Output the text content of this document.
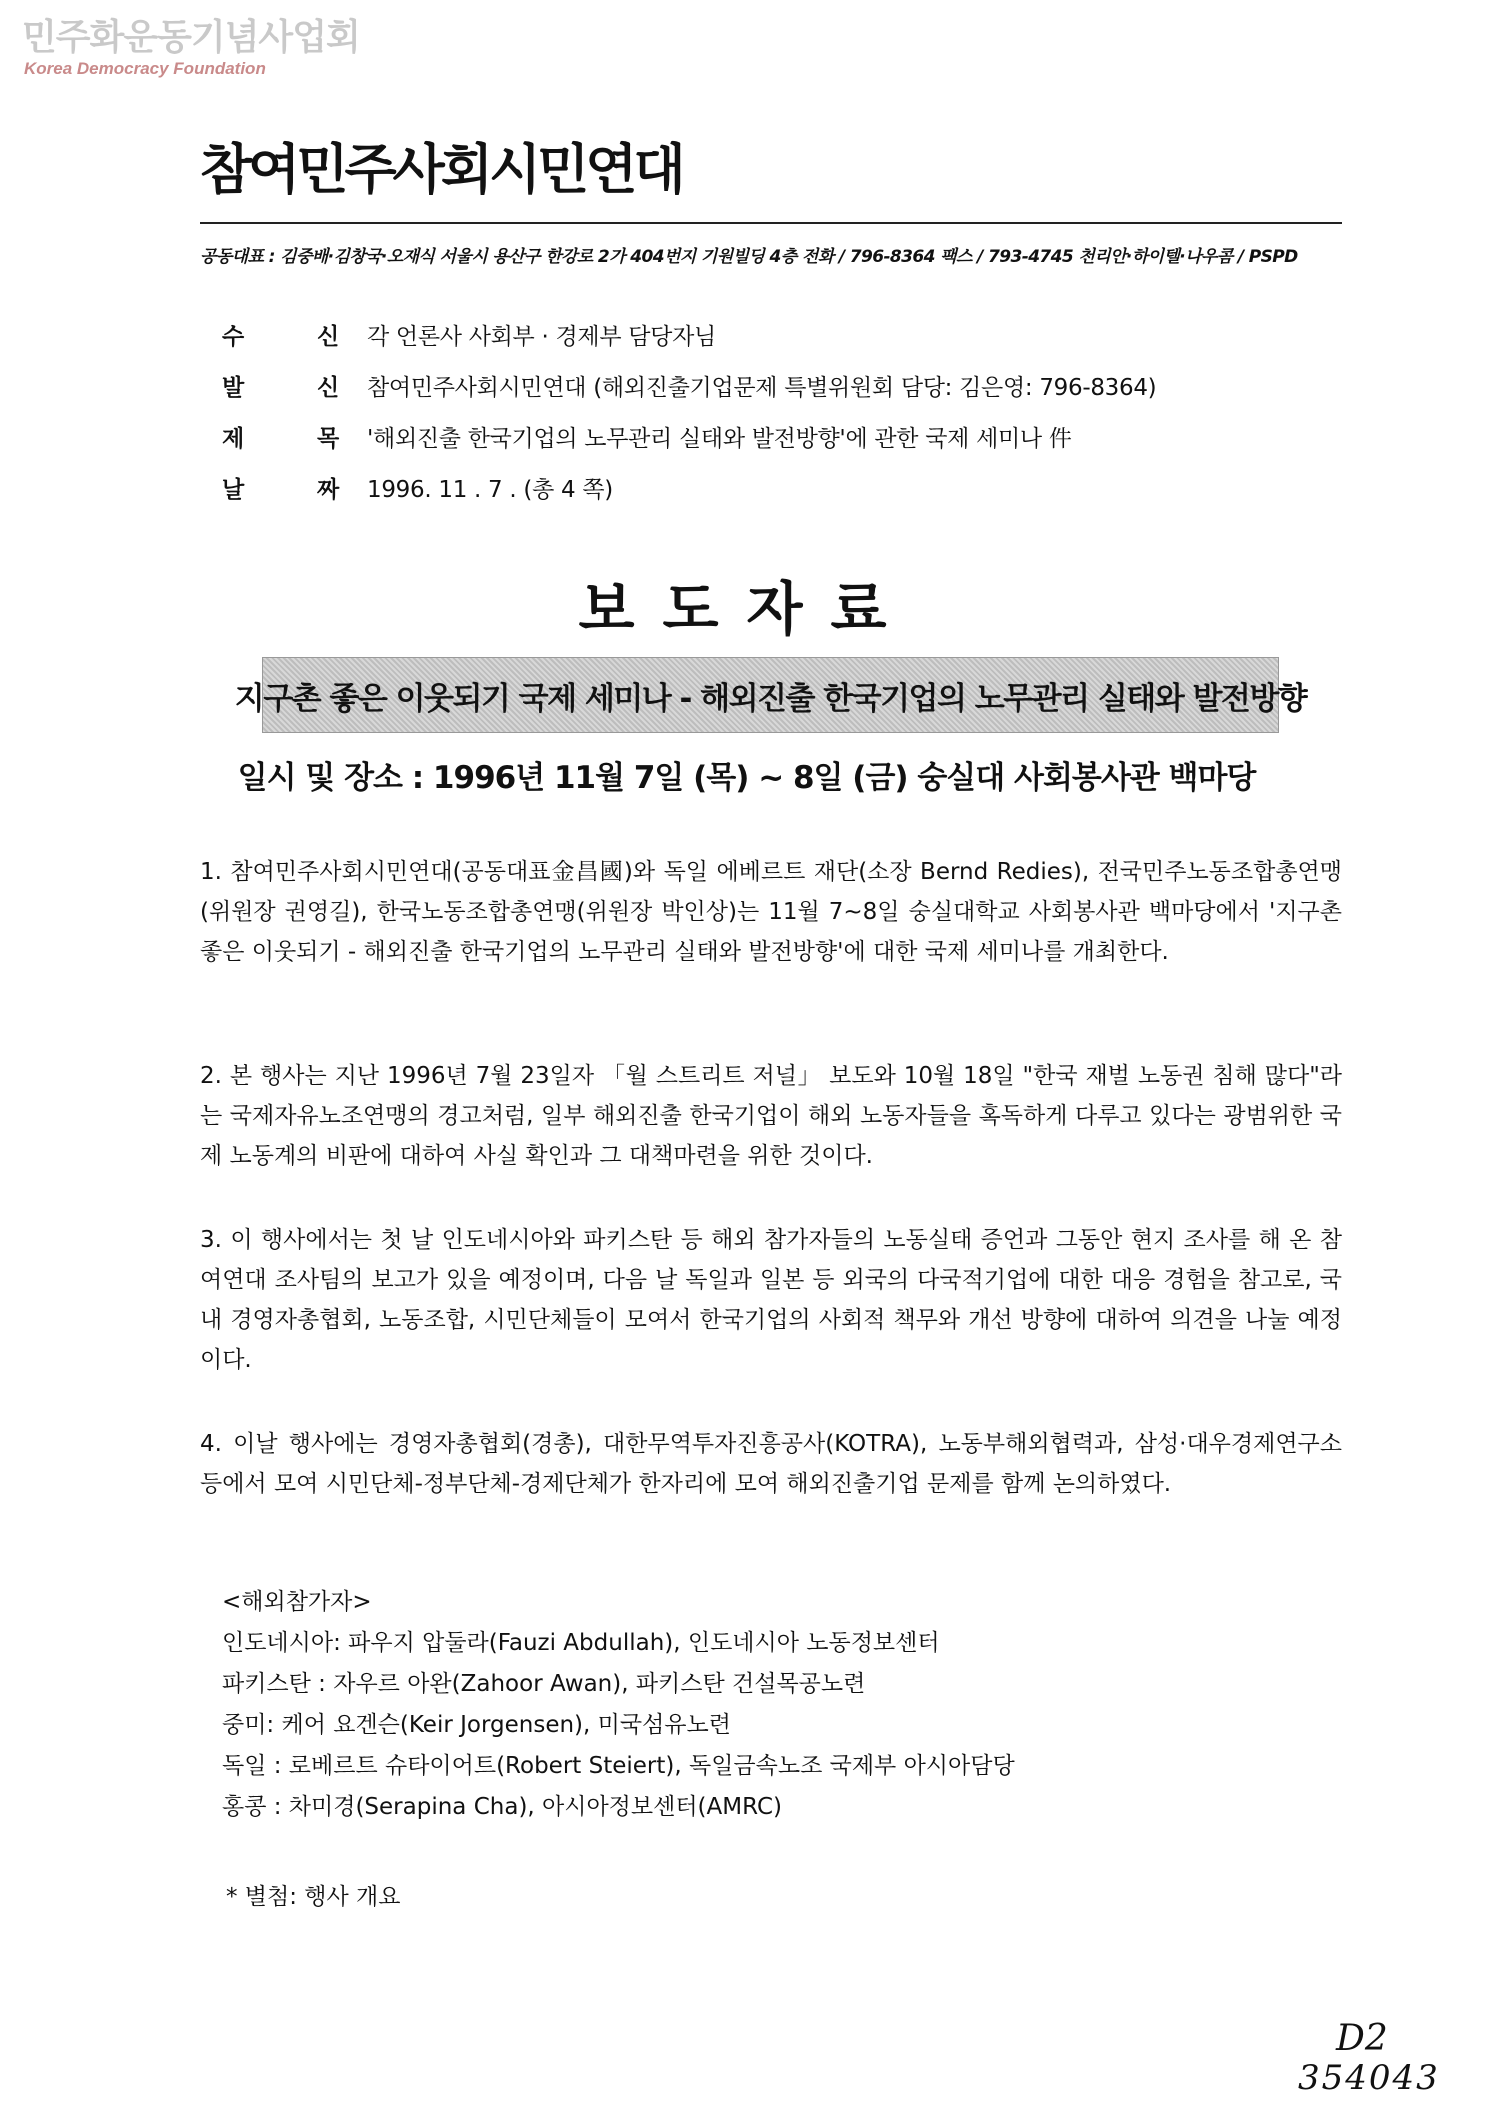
민주화운동기념사업회
Korea Democracy Foundation
참여민주사회시민연대
공동대표 : 김중배·김창국·오재식 서울시 용산구 한강로 2가 404번지 기원빌딩 4층 전화 / 796-8364 팩스 / 793-4745 천리안·하이텔·나우콤 / PSPD
수	신	각 언론사 사회부 · 경제부 담당자님
발	신	참여민주사회시민연대 (해외진출기업문제 특별위원회 담당: 김은영: 796-8364)
제	목	'해외진출 한국기업의 노무관리 실태와 발전방향'에 관한 국제 세미나 件
날	짜	1996. 11 . 7 . (총 4 쪽)
보도자료
지구촌 좋은 이웃되기 국제 세미나 - 해외진출 한국기업의 노무관리 실태와 발전방향
일시 및 장소 : 1996년 11월 7일 (목) ~ 8일 (금) 숭실대 사회봉사관 백마당
1. 참여민주사회시민연대(공동대표金昌國)와 독일 에베르트 재단(소장 Bernd Redies), 전국민주노동조합총연맹(위원장 권영길), 한국노동조합총연맹(위원장 박인상)는 11월 7~8일 숭실대학교 사회봉사관 백마당에서 '지구촌 좋은 이웃되기 - 해외진출 한국기업의 노무관리 실태와 발전방향'에 대한 국제 세미나를 개최한다.
2. 본 행사는 지난 1996년 7월 23일자 「월 스트리트 저널」 보도와 10월 18일 "한국 재벌 노동권 침해 많다"라는 국제자유노조연맹의 경고처럼, 일부 해외진출 한국기업이 해외 노동자들을 혹독하게 다루고 있다는 광범위한 국제 노동계의 비판에 대하여 사실 확인과 그 대책마련을 위한 것이다.
3. 이 행사에서는 첫 날 인도네시아와 파키스탄 등 해외 참가자들의 노동실태 증언과 그동안 현지 조사를 해 온 참여연대 조사팀의 보고가 있을 예정이며, 다음 날 독일과 일본 등 외국의 다국적기업에 대한 대응 경험을 참고로, 국내 경영자총협회, 노동조합, 시민단체들이 모여서 한국기업의 사회적 책무와 개선 방향에 대하여 의견을 나눌 예정이다.
4. 이날 행사에는 경영자총협회(경총), 대한무역투자진흥공사(KOTRA), 노동부해외협력과, 삼성·대우경제연구소 등에서 모여 시민단체-정부단체-경제단체가 한자리에 모여 해외진출기업 문제를 함께 논의하였다.
<해외참가자>
인도네시아: 파우지 압둘라(Fauzi Abdullah), 인도네시아 노동정보센터
파키스탄 : 자우르 아완(Zahoor Awan), 파키스탄 건설목공노련
중미: 케어 요겐슨(Keir Jorgensen), 미국섬유노련
독일 : 로베르트 슈타이어트(Robert Steiert), 독일금속노조 국제부 아시아담당
홍콩 : 차미경(Serapina Cha), 아시아정보센터(AMRC)
* 별첨: 행사 개요
D2
354043
